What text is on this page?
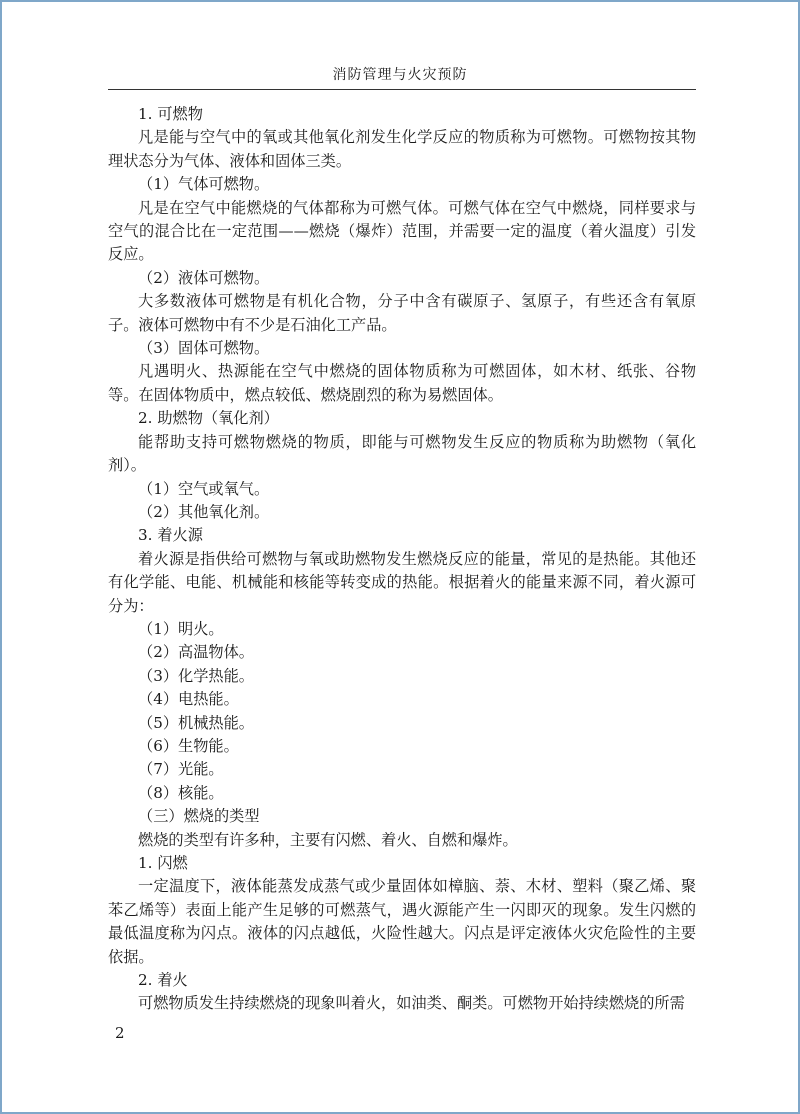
消防管理与火灾预防

1. 可燃物

凡是能与空气中的氧或其他氧化剂发生化学反应的物质称为可燃物。可燃物按其物理状态分为气体、液体和固体三类。

（1）气体可燃物。

凡是在空气中能燃烧的气体都称为可燃气体。可燃气体在空气中燃烧，同样要求与空气的混合比在一定范围——燃烧（爆炸）范围，并需要一定的温度（着火温度）引发反应。

（2）液体可燃物。

大多数液体可燃物是有机化合物，分子中含有碳原子、氢原子，有些还含有氧原子。液体可燃物中有不少是石油化工产品。

（3）固体可燃物。

凡遇明火、热源能在空气中燃烧的固体物质称为可燃固体，如木材、纸张、谷物等。在固体物质中，燃点较低、燃烧剧烈的称为易燃固体。

2. 助燃物（氧化剂）

能帮助支持可燃物燃烧的物质，即能与可燃物发生反应的物质称为助燃物（氧化剂）。

（1）空气或氧气。

（2）其他氧化剂。

3. 着火源

着火源是指供给可燃物与氧或助燃物发生燃烧反应的能量，常见的是热能。其他还有化学能、电能、机械能和核能等转变成的热能。根据着火的能量来源不同，着火源可分为：

（1）明火。

（2）高温物体。

（3）化学热能。

（4）电热能。

（5）机械热能。

（6）生物能。

（7）光能。

（8）核能。

（三）燃烧的类型

燃烧的类型有许多种，主要有闪燃、着火、自燃和爆炸。

1. 闪燃

一定温度下，液体能蒸发成蒸气或少量固体如樟脑、萘、木材、塑料（聚乙烯、聚苯乙烯等）表面上能产生足够的可燃蒸气，遇火源能产生一闪即灭的现象。发生闪燃的最低温度称为闪点。液体的闪点越低，火险性越大。闪点是评定液体火灾危险性的主要依据。

2. 着火

可燃物质发生持续燃烧的现象叫着火，如油类、酮类。可燃物开始持续燃烧的所需

2
